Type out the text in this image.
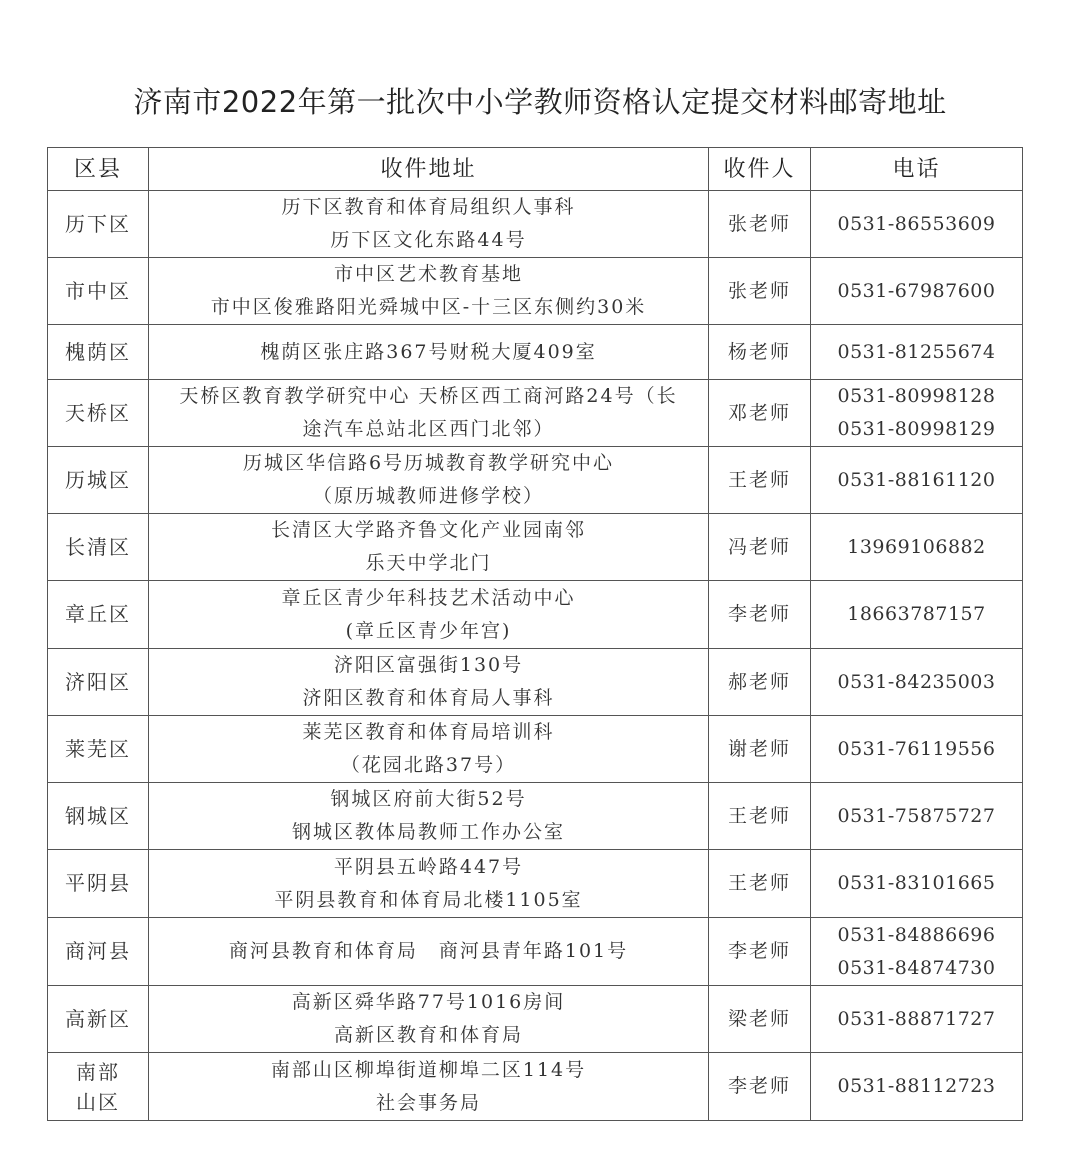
济南市2022年第一批次中小学教师资格认定提交材料邮寄地址
区县	收件地址	收件人	电话

历下区	历下区教育和体育局组织人事科
历下区文化东路44号	张老师	0531-86553609

市中区	市中区艺术教育基地
市中区俊雅路阳光舜城中区-十三区东侧约30米	张老师	0531-67987600

槐荫区	槐荫区张庄路367号财税大厦409室	杨老师	0531-81255674

天桥区	天桥区教育教学研究中心 天桥区西工商河路24号（长
途汽车总站北区西门北邻）	邓老师	0531-80998128
0531-80998129

历城区	历城区华信路6号历城教育教学研究中心
（原历城教师进修学校）	王老师	0531-88161120

长清区	长清区大学路齐鲁文化产业园南邻
乐天中学北门	冯老师	13969106882

章丘区	章丘区青少年科技艺术活动中心
(章丘区青少年宫)	李老师	18663787157

济阳区	济阳区富强街130号
济阳区教育和体育局人事科	郝老师	0531-84235003

莱芜区	莱芜区教育和体育局培训科
（花园北路37号）	谢老师	0531-76119556

钢城区	钢城区府前大街52号
钢城区教体局教师工作办公室	王老师	0531-75875727

平阴县	平阴县五岭路447号
平阴县教育和体育局北楼1105室	王老师	0531-83101665

商河县	商河县教育和体育局　商河县青年路101号	李老师	0531-84886696
0531-84874730

高新区	高新区舜华路77号1016房间
高新区教育和体育局	梁老师	0531-88871727

南部
山区	南部山区柳埠街道柳埠二区114号
社会事务局	李老师	0531-88112723
